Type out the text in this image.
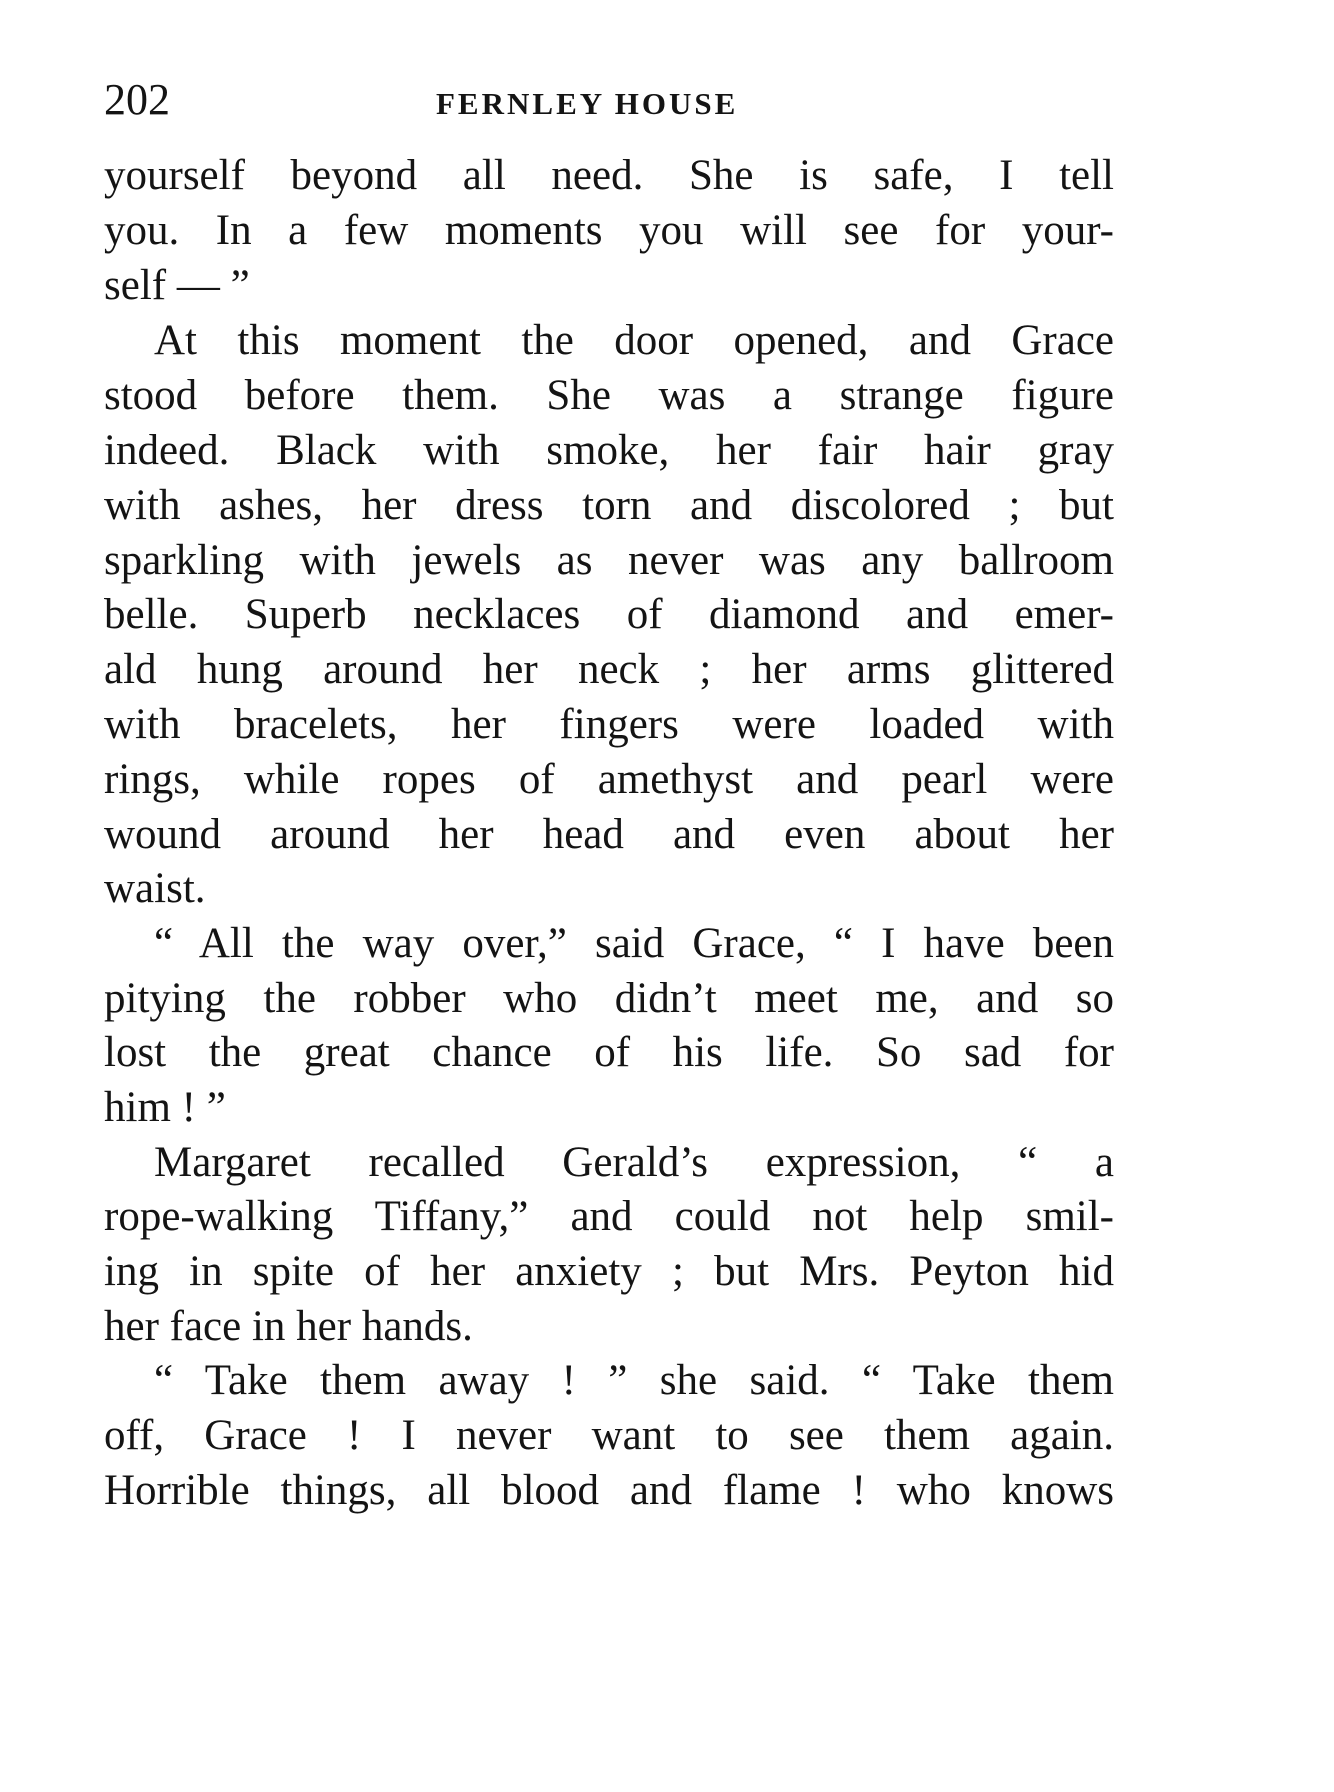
202	FERNLEY HOUSE
yourself beyond all need. She is safe, I tell
you. In a few moments you will see for your-
self — ”
At this moment the door opened, and Grace
stood before them. She was a strange figure
indeed. Black with smoke, her fair hair gray
with ashes, her dress torn and discolored ; but
sparkling with jewels as never was any ballroom
belle. Superb necklaces of diamond and emer-
ald hung around her neck ; her arms glittered
with bracelets, her fingers were loaded with
rings, while ropes of amethyst and pearl were
wound around her head and even about her
waist.
“ All the way over,” said Grace, “ I have been
pitying the robber who didn’t meet me, and so
lost the great chance of his life. So sad for
him ! ”
Margaret recalled Gerald’s expression, “ a
rope-walking Tiffany,” and could not help smil-
ing in spite of her anxiety ; but Mrs. Peyton hid
her face in her hands.
“ Take them away ! ” she said. “ Take them
off, Grace ! I never want to see them again.
Horrible things, all blood and flame ! who knows
